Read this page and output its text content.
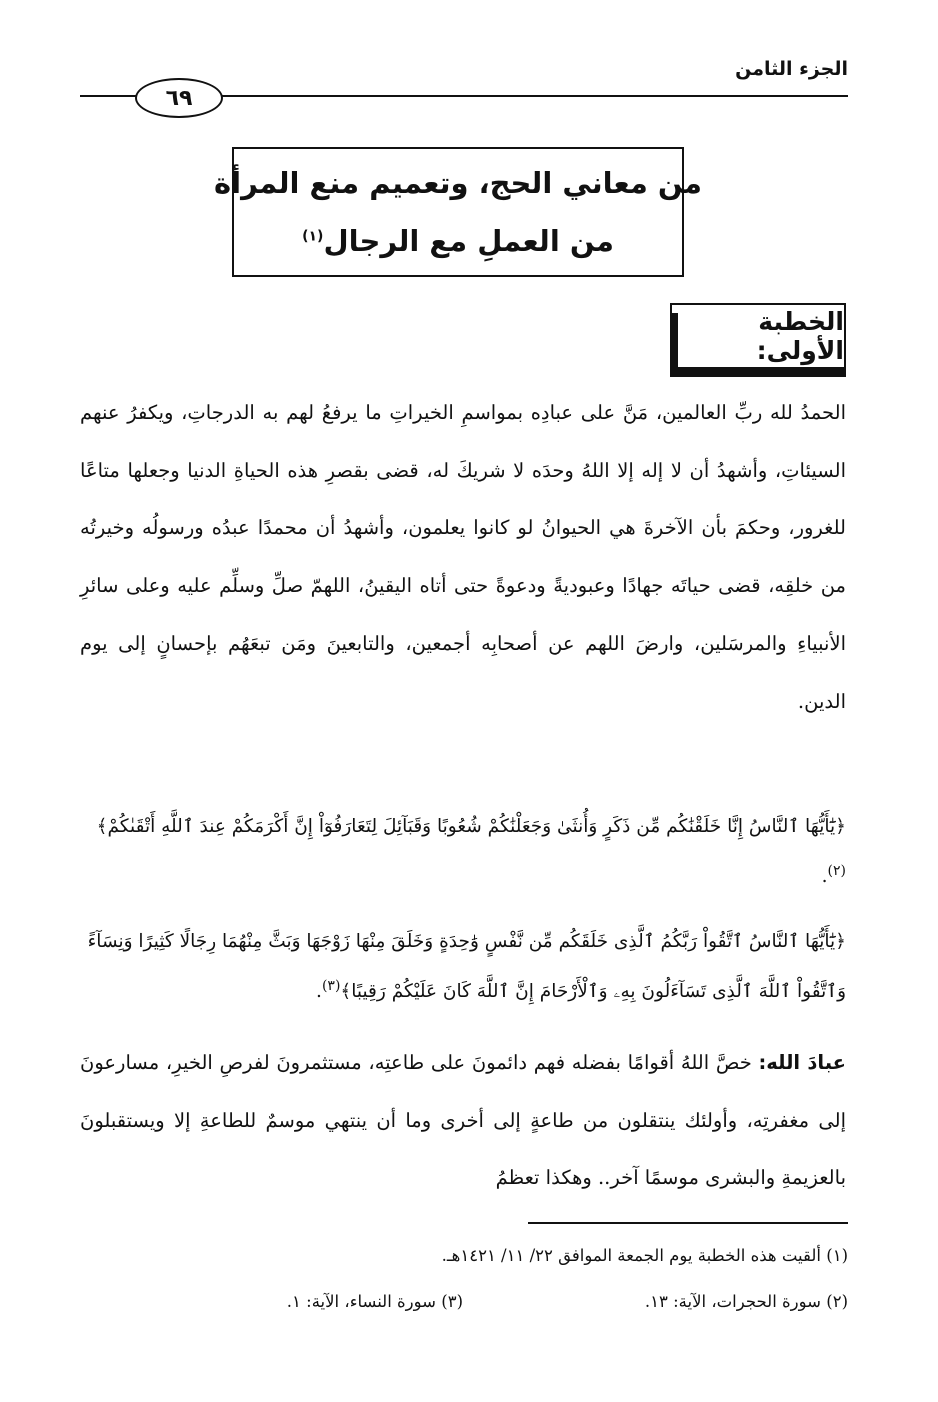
الجزء الثامن
٦٩
من معاني الحج، وتعميم منع المرأة
من العملِ مع الرجال$^{(١)}$
الخطبة الأولى:

الحمدُ لله ربِّ العالمين، مَنَّ على عبادِه بمواسمِ الخيراتِ ما يرفعُ لهم به الدرجاتِ، ويكفرُ عنهم السيئاتِ، وأشهدُ أن لا إله إلا اللهُ وحدَه لا شريكَ له، قضى بقصرِ هذه الحياةِ الدنيا وجعلها متاعًا للغرور، وحكمَ بأن الآخرةَ هي الحيوانُ لو كانوا يعلمون، وأشهدُ أن محمدًا عبدُه ورسولُه وخيرتُه من خلقِه، قضى حياتَه جهادًا وعبوديةً ودعوةً حتى أتاه اليقينُ، اللهمّ صلِّ وسلِّم عليه وعلى سائرِ الأنبياءِ والمرسَلين، وارضَ اللهم عن أصحابِه أجمعين، والتابعينَ ومَن تبعَهُم بإحسانٍ إلى يوم الدين.

﴿يَٰٓأَيُّهَا ٱلنَّاسُ إِنَّا خَلَقْنَٰكُم مِّن ذَكَرٍ وَأُنثَىٰ وَجَعَلْنَٰكُمْ شُعُوبًا وَقَبَآئِلَ لِتَعَارَفُوٓاْ إِنَّ أَكْرَمَكُمْ عِندَ ٱللَّهِ أَتْقَىٰكُمْ﴾$^{(٢)}$.
﴿يَٰٓأَيُّهَا ٱلنَّاسُ ٱتَّقُواْ رَبَّكُمُ ٱلَّذِى خَلَقَكُم مِّن نَّفْسٍ وَٰحِدَةٍ وَخَلَقَ مِنْهَا زَوْجَهَا وَبَثَّ مِنْهُمَا رِجَالًا كَثِيرًا وَنِسَآءً وَٱتَّقُواْ ٱللَّهَ ٱلَّذِى تَسَآءَلُونَ بِهِۦ وَٱلْأَرْحَامَ إِنَّ ٱللَّهَ كَانَ عَلَيْكُمْ رَقِيبًا﴾$^{(٣)}$.
عبادَ الله: خصَّ اللهُ أقوامًا بفضله فهم دائمونَ على طاعتِه، مستثمرونَ لفرصِ الخيرِ، مسارعونَ إلى مغفرتِه، وأولئك ينتقلون من طاعةٍ إلى أخرى وما أن ينتهي موسمٌ للطاعةِ إلا ويستقبلونَ بالعزيمةِ والبشرى موسمًا آخر.. وهكذا تعظمُ
(١) ألقيت هذه الخطبة يوم الجمعة الموافق ٢٢/ ١١/ ١٤٢١هـ.
(٢) سورة الحجرات، الآية: ١٣.
(٣) سورة النساء، الآية: ١.
